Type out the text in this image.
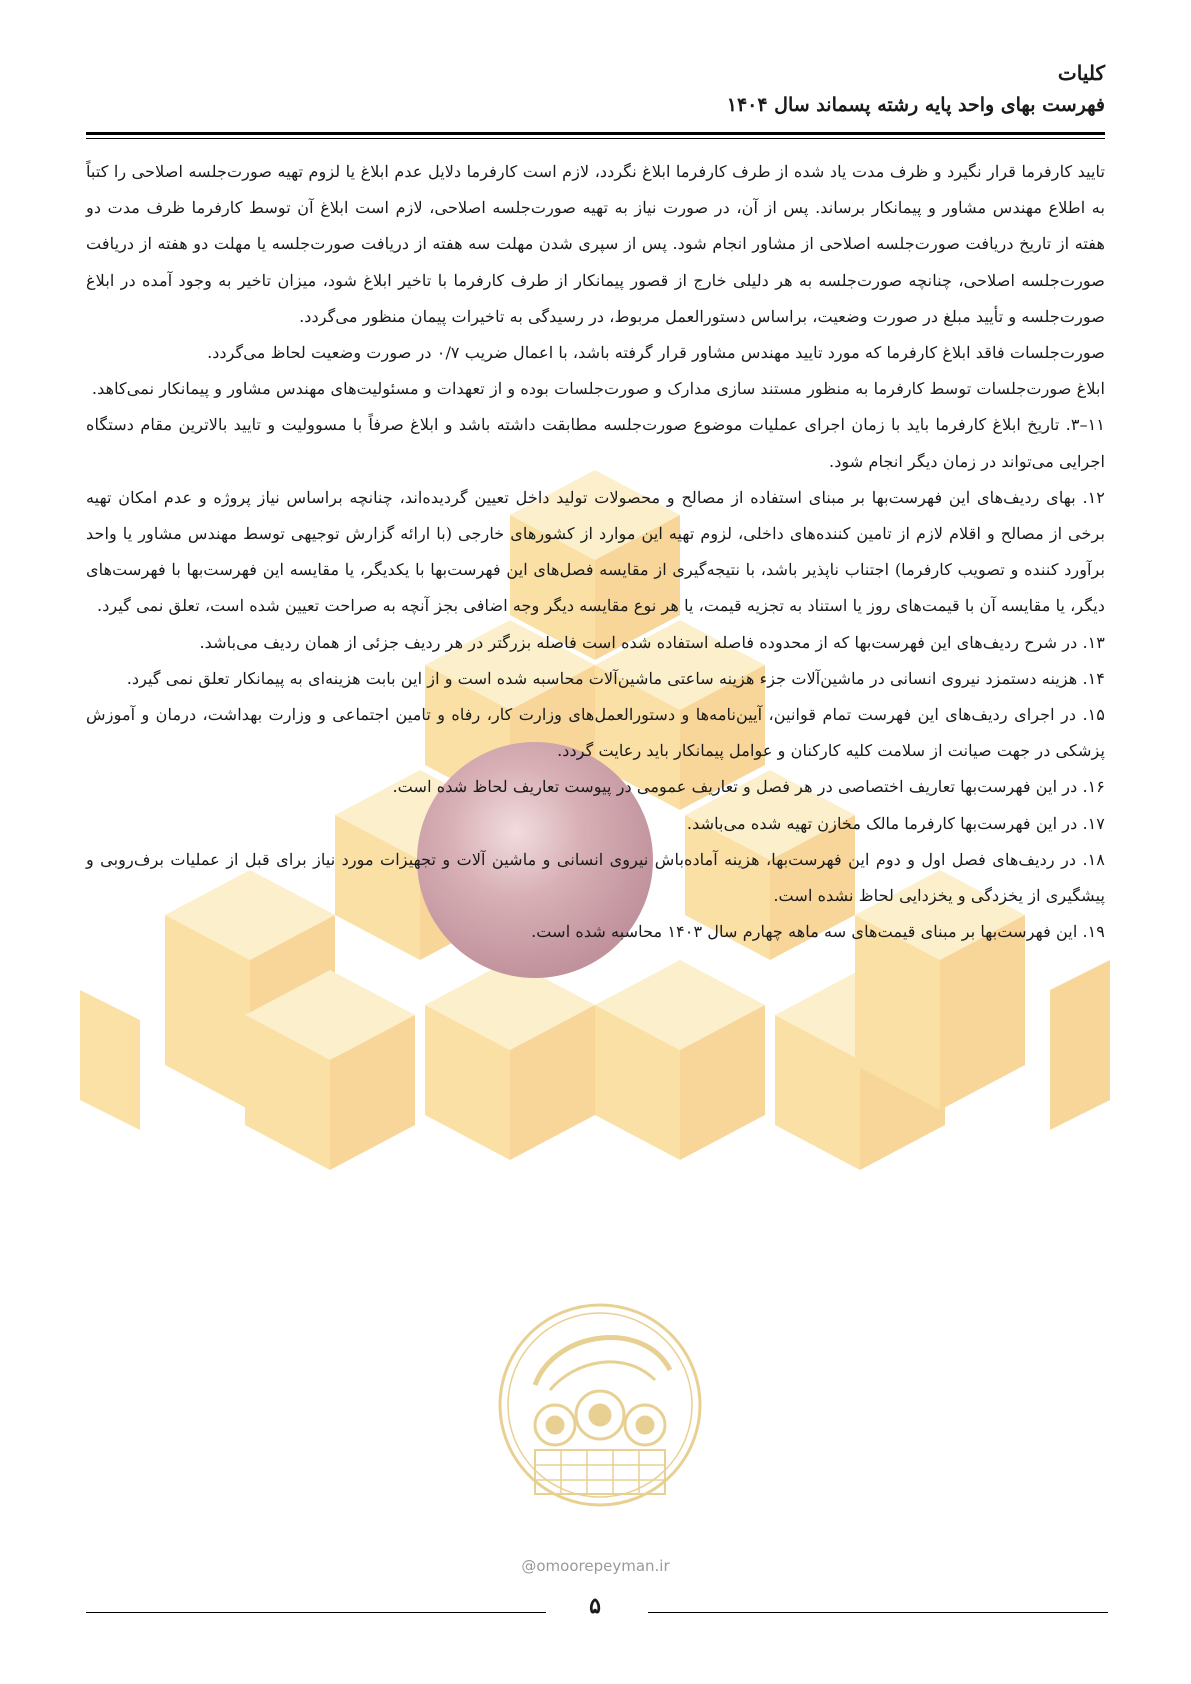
کلیات
فهرست بهای واحد پایه رشته پسماند سال ۱۴۰۴

تایید کارفرما قرار نگیرد و ظرف مدت یاد شده از طرف کارفرما ابلاغ نگردد، لازم است کارفرما دلایل عدم ابلاغ یا لزوم تهیه صورت‌جلسه اصلاحی را کتباً به اطلاع مهندس مشاور و پیمانکار برساند. پس از آن، در صورت نیاز به تهیه صورت‌جلسه اصلاحی، لازم است ابلاغ آن توسط کارفرما ظرف مدت دو هفته از تاریخ دریافت صورت‌جلسه اصلاحی از مشاور انجام شود. پس از سپری شدن مهلت سه هفته از دریافت صورت‌جلسه یا مهلت دو هفته از دریافت صورت‌جلسه اصلاحی، چنانچه صورت‌جلسه به هر دلیلی خارج از قصور پیمانکار از طرف کارفرما با تاخیر ابلاغ شود، میزان تاخیر به وجود آمده در ابلاغ صورت‌جلسه و تأیید مبلغ در صورت وضعیت، براساس دستورالعمل مربوط، در رسیدگی به تاخیرات پیمان منظور می‌گردد.

صورت‌جلسات فاقد ابلاغ کارفرما که مورد تایید مهندس مشاور قرار گرفته باشد، با اعمال ضریب ۰/۷ در صورت وضعیت لحاظ می‌گردد.

ابلاغ صورت‌جلسات توسط کارفرما به منظور مستند سازی مدارک و صورت‌جلسات بوده و از تعهدات و مسئولیت‌های مهندس مشاور و پیمانکار نمی‌کاهد.

۱۱–۳. تاریخ ابلاغ کارفرما باید با زمان اجرای عملیات موضوع صورت‌جلسه مطابقت داشته باشد و ابلاغ صرفاً با مسوولیت و تایید بالاترین مقام دستگاه اجرایی می‌تواند در زمان دیگر انجام شود.

۱۲. بهای ردیف‌های این فهرست‌بها بر مبنای استفاده از مصالح و محصولات تولید داخل تعیین گردیده‌اند، چنانچه براساس نیاز پروژه و عدم امکان تهیه برخی از مصالح و اقلام لازم از تامین کننده‌های داخلی، لزوم تهیه این موارد از کشورهای خارجی (با ارائه گزارش توجیهی توسط مهندس مشاور یا واحد برآورد کننده و تصویب کارفرما) اجتناب ناپذیر باشد، با نتیجه‌گیری از مقایسه فصل‌های این فهرست‌بها با یکدیگر، یا مقایسه این فهرست‌بها با فهرست‌های دیگر، یا مقایسه آن با قیمت‌های روز یا استناد به تجزیه قیمت، یا هر نوع مقایسه دیگر وجه اضافی بجز آنچه به صراحت تعیین شده است، تعلق نمی گیرد.

۱۳. در شرح ردیف‌های این فهرست‌بها که از محدوده فاصله استفاده شده است فاصله بزرگتر در هر ردیف جزئی از همان ردیف می‌باشد.

۱۴. هزینه دستمزد نیروی انسانی در ماشین‌آلات جزء هزینه ساعتی ماشین‌آلات محاسبه شده است و از این بابت هزینه‌ای به پیمانکار تعلق نمی گیرد.

۱۵. در اجرای ردیف‌های این فهرست تمام قوانین، آیین‌نامه‌ها و دستورالعمل‌های وزارت کار، رفاه و تامین اجتماعی و وزارت بهداشت، درمان و آموزش پزشکی در جهت صیانت از سلامت کلیه کارکنان و عوامل پیمانکار باید رعایت گردد.

۱۶. در این فهرست‌بها تعاریف اختصاصی در هر فصل و تعاریف عمومی در پیوست تعاریف لحاظ شده است.

۱۷. در این فهرست‌بها کارفرما مالک مخازن تهیه شده می‌باشد.

۱۸. در ردیف‌های فصل اول و دوم این فهرست‌بها، هزینه آماده‌باش نیروی انسانی و ماشین آلات و تجهیزات مورد نیاز برای قبل از عملیات برف‌روبی و پیشگیری از یخزدگی و یخزدایی لحاظ نشده است.

۱۹. این فهرست‌بها بر مبنای قیمت‌های سه ماهه چهارم سال ۱۴۰۳ محاسبه شده است.

@omoorepeyman.ir
۵
